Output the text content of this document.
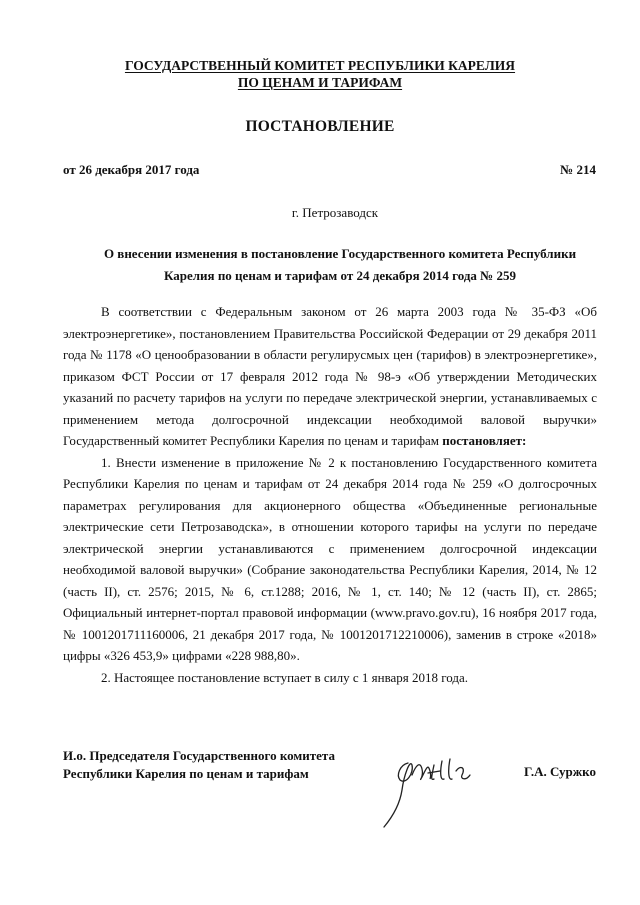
ГОСУДАРСТВЕННЫЙ КОМИТЕТ РЕСПУБЛИКИ КАРЕЛИЯ
ПО ЦЕНАМ И ТАРИФАМ
ПОСТАНОВЛЕНИЕ
от 26 декабря 2017 года	№ 214
г. Петрозаводск
О внесении изменения в постановление Государственного комитета Республики
Карелия по ценам и тарифам от 24 декабря 2014 года № 259

В соответствии с Федеральным законом от 26 марта 2003 года № 35-ФЗ «Об электроэнергетике», постановлением Правительства Российской Федерации от 29 декабря 2011 года № 1178 «О ценообразовании в области регулирусмых цен (тарифов) в электроэнергетике», приказом ФСТ России от 17 февраля 2012 года № 98-э «Об утверждении Методических указаний по расчету тарифов на услуги по передаче электрической энергии, устанавливаемых с применением метода долгосрочной индексации необходимой валовой выручки» Государственный комитет Республики Карелия по ценам и тарифам постановляет:

1. Внести изменение в приложение № 2 к постановлению Государственного комитета Республики Карелия по ценам и тарифам от 24 декабря 2014 года № 259 «О долгосрочных параметрах регулирования для акционерного общества «Объединенные региональные электрические сети Петрозаводска», в отношении которого тарифы на услуги по передаче электрической энергии устанавливаются с применением долгосрочной индексации необходимой валовой выручки» (Собрание законодательства Республики Карелия, 2014, № 12 (часть II), ст. 2576; 2015, № 6, ст.1288; 2016, № 1, ст. 140; № 12 (часть II), ст. 2865; Официальный интернет-портал правовой информации (www.pravo.gov.ru), 16 ноября 2017 года, № 1001201711160006, 21 декабря 2017 года, № 1001201712210006), заменив в строке «2018» цифры «326 453,9» цифрами «228 988,80».

2. Настоящее постановление вступает в силу с 1 января 2018 года.

И.о. Председателя Государственного комитета
Республики Карелия по ценам и тарифам	Г.А. Суржко
